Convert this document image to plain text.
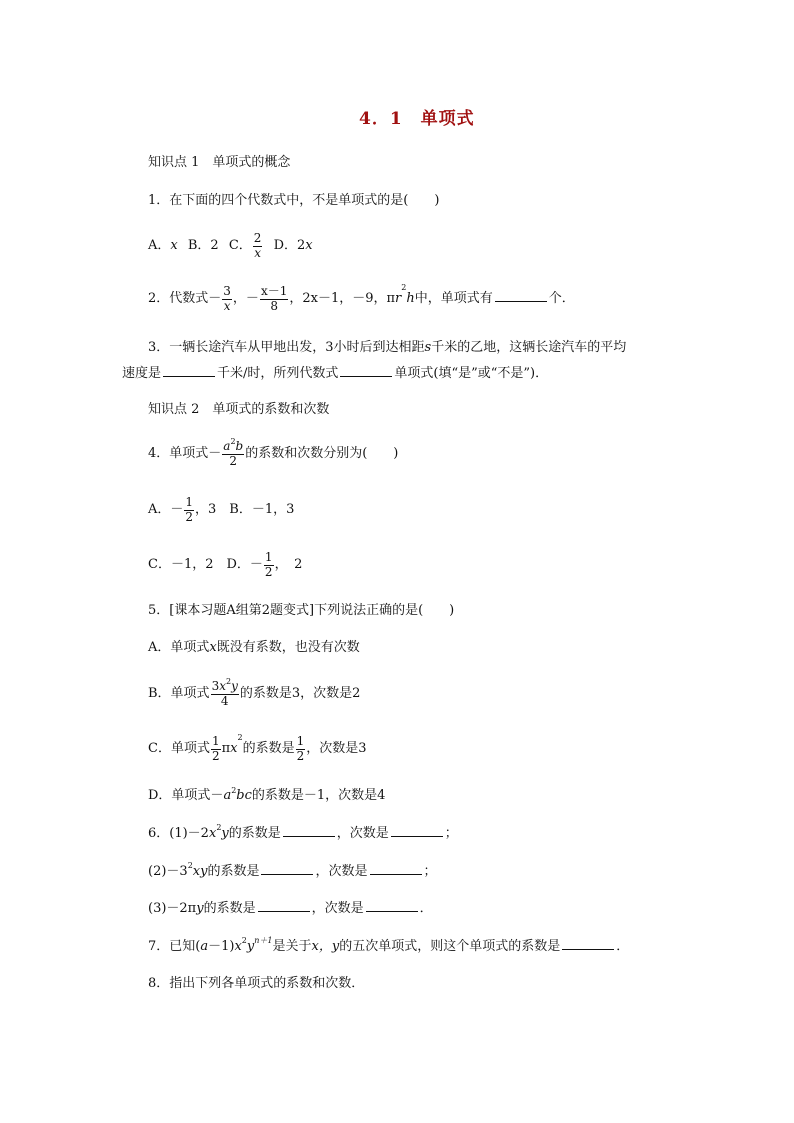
4．1　单项式
知识点 1　单项式的概念
1．在下面的四个代数式中，不是单项式的是(　　)
A．x B．2 C． $\frac{2}{x}$ D．2x
2．代数式－ $\frac{3}{x}$ ，－ $\frac{x-1}{8}$ ，2x－1，－9，$\pi r^2h$中，单项式有	个．
3．一辆长途汽车从甲地出发，3小时后到达相距s千米的乙地，这辆长途汽车的平均
速度是	千米/时，所列代数式	单项式(填“是”或“不是”)．
知识点 2　单项式的系数和次数
4．单项式－ $\frac{a^2b}{2}$ 的系数和次数分别为(　　)
A．－ $\frac{1}{2}$ ，3　B．－1，3
C．－1，2　D．－ $\frac{1}{2}$ ，　2
5．[课本习题A组第2题变式]下列说法正确的是(　　)
A．单项式x既没有系数，也没有次数
B．单项式 $\frac{3x^2y}{4}$ 的系数是3，次数是2
C．单项式 $\frac{1}{2} \pi x^2$的系数是 $\frac{1}{2}$ ，次数是3
D．单项式$-a^2bc$的系数是－1，次数是4
6．$(1)-2x^2y$的系数是	，次数是	；
$(2)-3^2xy$的系数是	，次数是	；
(3)－2πy的系数是	，次数是	．
7．已知$(a-1)x^2y^{n+1}$是关于x，y的五次单项式，则这个单项式的系数是	．
8．指出下列各单项式的系数和次数．
